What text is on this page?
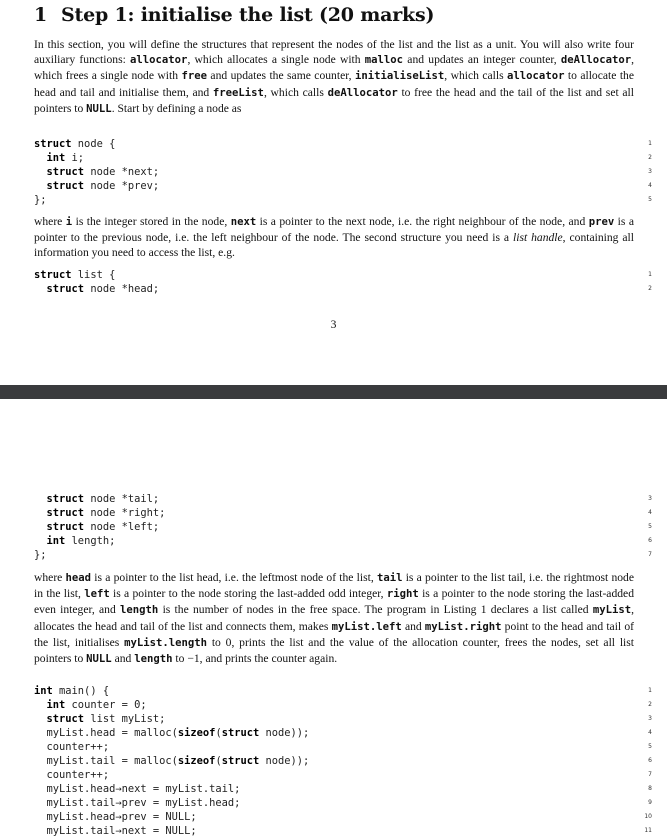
1 Step 1: initialise the list (20 marks)

In this section, you will define the structures that represent the nodes of the list and the list as a unit. You will also write four auxiliary functions: allocator, which allocates a single node with malloc and updates an integer counter, deAllocator, which frees a single node with free and updates the same counter, initialiseList, which calls allocator to allocate the head and tail and initialise them, and freeList, which calls deAllocator to free the head and the tail of the list and set all pointers to NULL. Start by defining a node as

struct node {	1
int i;	2
struct node *next;	3
struct node *prev;	4
};	5

where i is the integer stored in the node, next is a pointer to the next node, i.e. the right neighbour of the node, and prev is a pointer to the previous node, i.e. the left neighbour of the node. The second structure you need is a list handle, containing all information you need to access the list, e.g.

struct list {	1
struct node *head;	2
3
struct node *tail;	3
struct node *right;	4
struct node *left;	5
int length;	6
};	7

where head is a pointer to the list head, i.e. the leftmost node of the list, tail is a pointer to the list tail, i.e. the rightmost node in the list, left is a pointer to the node storing the last-added odd integer, right is a pointer to the node storing the last-added even integer, and length is the number of nodes in the free space. The program in Listing 1 declares a list called myList, allocates the head and tail of the list and connects them, makes myList.left and myList.right point to the head and tail of the list, initialises myList.length to 0, prints the list and the value of the allocation counter, frees the nodes, set all list pointers to NULL and length to −1, and prints the counter again.

int main() {	1
int counter = 0;	2
struct list myList;	3
myList.head = malloc(sizeof(struct node));	4
counter++;	5
myList.tail = malloc(sizeof(struct node));	6
counter++;	7
myList.head→next = myList.tail;	8
myList.tail→prev = myList.head;	9
myList.head→prev = NULL;	10
myList.tail→next = NULL;	11
